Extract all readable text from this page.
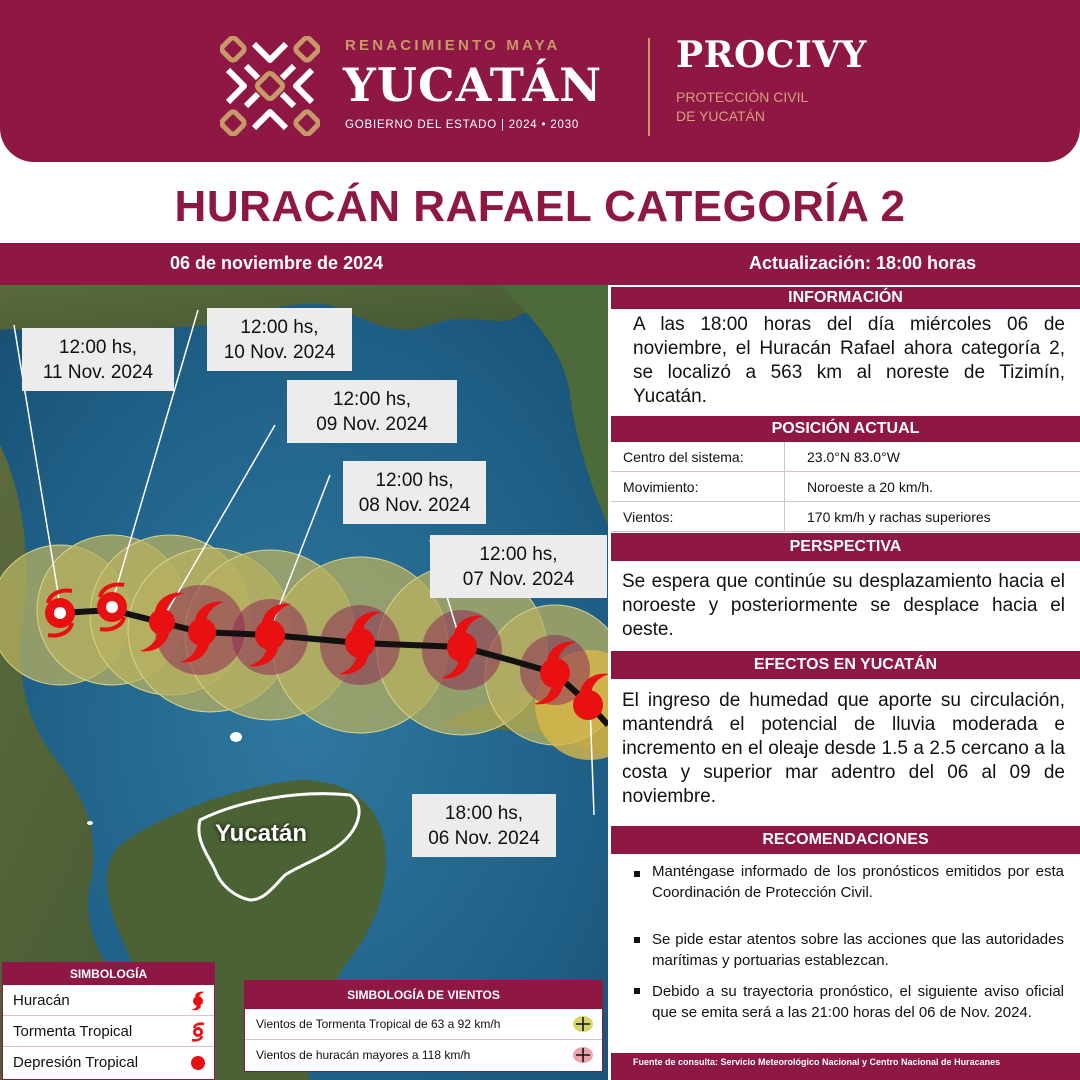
RENACIMIENTO MAYA
YUCATÁN
GOBIERNO DEL ESTADO | 2024 • 2030
PROCIVY
PROTECCIÓN CIVIL
DE YUCATÁN
HURACÁN RAFAEL CATEGORÍA 2
06 de noviembre de 2024	Actualización: 18:00 horas
12:00 hs,
11 Nov. 2024
12:00 hs,
10 Nov. 2024
12:00 hs,
09 Nov. 2024
12:00 hs,
08 Nov. 2024
12:00 hs,
07 Nov. 2024
18:00 hs,
06 Nov. 2024
Yucatán
SIMBOLOGÍA
Huracán
Tormenta Tropical
Depresión Tropical
SIMBOLOGÍA DE VIENTOS
Vientos de Tormenta Tropical de 63 a 92 km/h
Vientos de huracán mayores a 118 km/h
INFORMACIÓN
A las 18:00 horas del día miércoles 06 de noviembre, el Huracán Rafael ahora categoría 2, se localizó a 563 km al noreste de Tizimín, Yucatán.
POSICIÓN ACTUAL
Centro del sistema:	23.0°N 83.0°W
Movimiento:	Noroeste a 20 km/h.
Vientos:	170 km/h y rachas superiores
PERSPECTIVA
Se espera que continúe su desplazamiento hacia el noroeste y posteriormente se desplace hacia el oeste.
EFECTOS EN YUCATÁN
El ingreso de humedad que aporte su circulación, mantendrá el potencial de lluvia moderada e incremento en el oleaje desde 1.5 a 2.5 cercano a la costa y superior mar adentro del 06 al 09 de noviembre.
RECOMENDACIONES
Manténgase informado de los pronósticos emitidos por esta Coordinación de Protección Civil.
Se pide estar atentos sobre las acciones que las autoridades marítimas y portuarias establezcan.
Debido a su trayectoria pronóstico, el siguiente aviso oficial que se emita será a las 21:00 horas del 06 de Nov. 2024.
Fuente de consulta: Servicio Meteorológico Nacional y Centro Nacional de Huracanes
